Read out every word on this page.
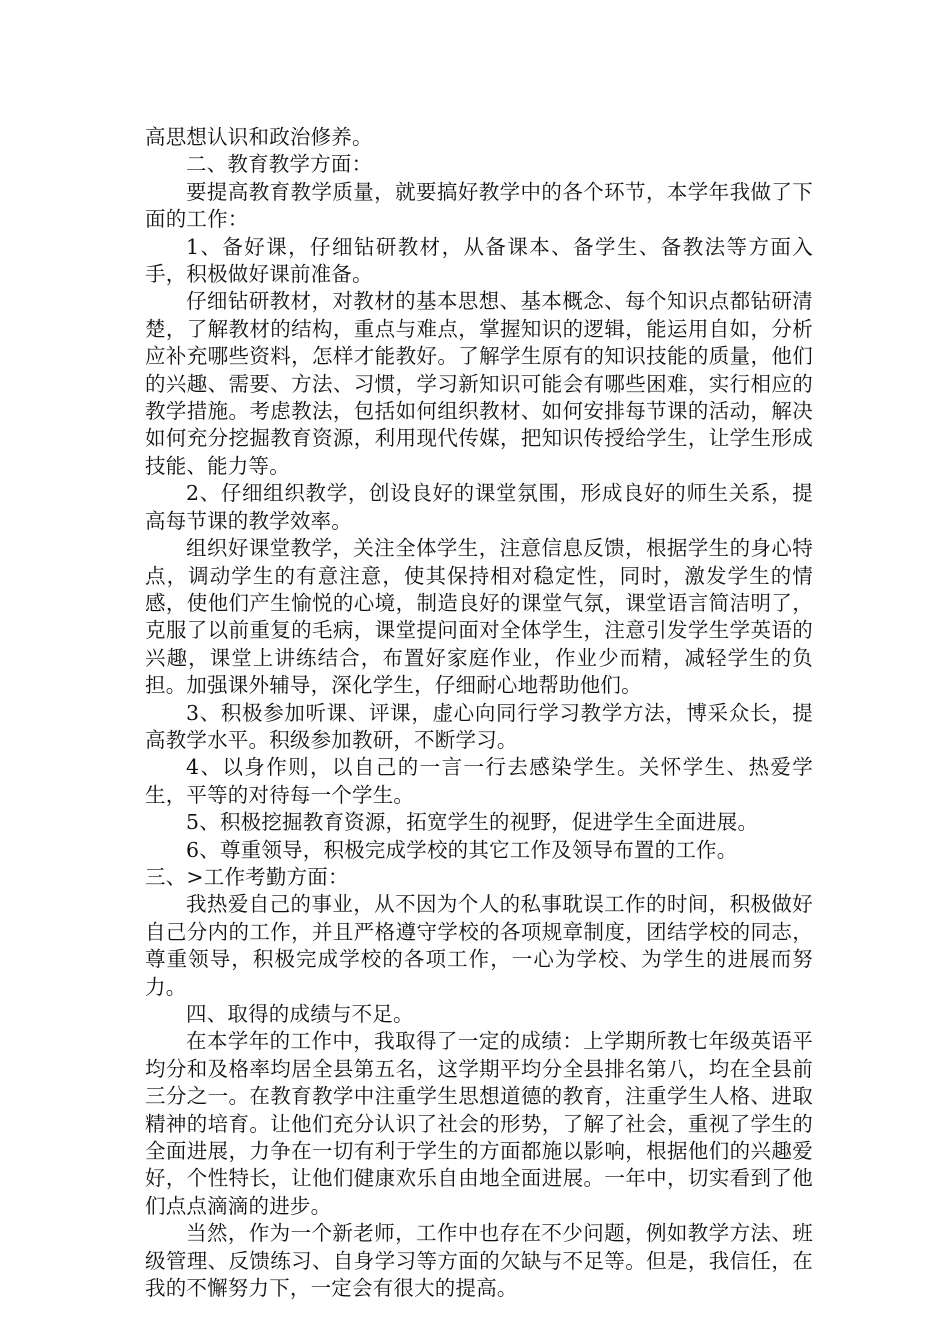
高思想认识和政治修养。

二、教育教学方面：

要提高教育教学质量，就要搞好教学中的各个环节，本学年我做了下面的工作：

1、备好课，仔细钻研教材，从备课本、备学生、备教法等方面入手，积极做好课前准备。

仔细钻研教材，对教材的基本思想、基本概念、每个知识点都钻研清楚，了解教材的结构，重点与难点，掌握知识的逻辑，能运用自如，分析应补充哪些资料，怎样才能教好。了解学生原有的知识技能的质量，他们的兴趣、需要、方法、习惯，学习新知识可能会有哪些困难，实行相应的教学措施。考虑教法，包括如何组织教材、如何安排每节课的活动，解决如何充分挖掘教育资源，利用现代传媒，把知识传授给学生，让学生形成技能、能力等。

2、仔细组织教学，创设良好的课堂氛围，形成良好的师生关系，提高每节课的教学效率。

组织好课堂教学，关注全体学生，注意信息反馈，根据学生的身心特点，调动学生的有意注意，使其保持相对稳定性，同时，激发学生的情感，使他们产生愉悦的心境，制造良好的课堂气氛，课堂语言简洁明了，克服了以前重复的毛病，课堂提问面对全体学生，注意引发学生学英语的兴趣，课堂上讲练结合，布置好家庭作业，作业少而精，减轻学生的负担。加强课外辅导，深化学生，仔细耐心地帮助他们。

3、积极参加听课、评课，虚心向同行学习教学方法，博采众长，提高教学水平。积级参加教研，不断学习。

4、以身作则，以自己的一言一行去感染学生。关怀学生、热爱学生，平等的对待每一个学生。

5、积极挖掘教育资源，拓宽学生的视野，促进学生全面进展。

6、尊重领导，积极完成学校的其它工作及领导布置的工作。

三、>工作考勤方面：

我热爱自己的事业，从不因为个人的私事耽误工作的时间，积极做好自己分内的工作，并且严格遵守学校的各项规章制度，团结学校的同志，尊重领导，积极完成学校的各项工作，一心为学校、为学生的进展而努力。

四、取得的成绩与不足。

在本学年的工作中，我取得了一定的成绩：上学期所教七年级英语平均分和及格率均居全县第五名，这学期平均分全县排名第八，均在全县前三分之一。在教育教学中注重学生思想道德的教育，注重学生人格、进取精神的培育。让他们充分认识了社会的形势，了解了社会，重视了学生的全面进展，力争在一切有利于学生的方面都施以影响，根据他们的兴趣爱好，个性特长，让他们健康欢乐自由地全面进展。一年中，切实看到了他们点点滴滴的进步。

当然，作为一个新老师，工作中也存在不少问题，例如教学方法、班级管理、反馈练习、自身学习等方面的欠缺与不足等。但是，我信任，在我的不懈努力下，一定会有很大的提高。
